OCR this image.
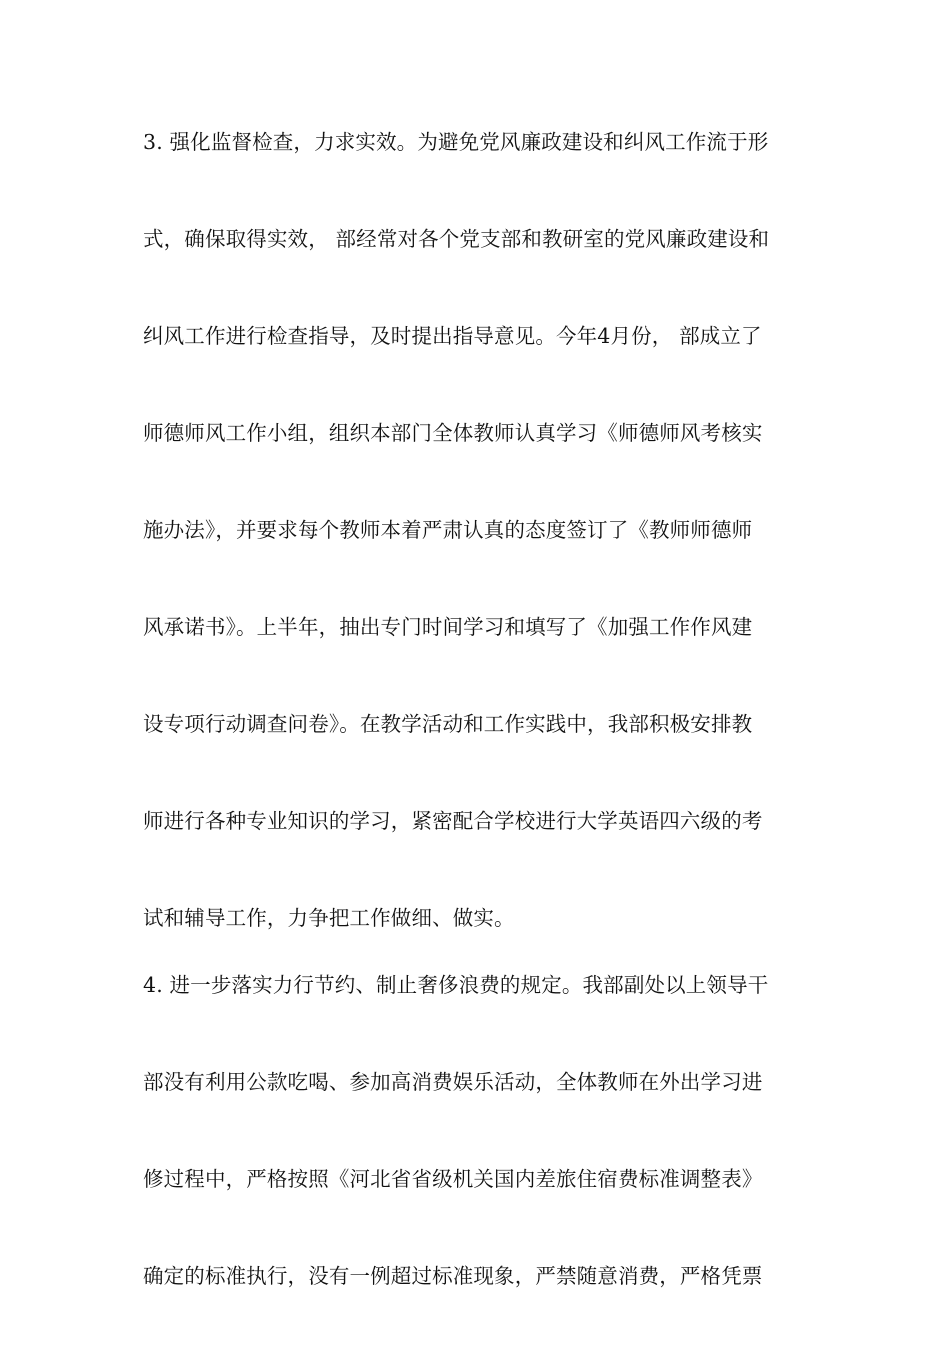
3. 强化监督检查，力求实效。为避免党风廉政建设和纠风工作流于形
式，确保取得实效， 部经常对各个党支部和教研室的党风廉政建设和
纠风工作进行检查指导，及时提出指导意见。今年4月份， 部成立了
师德师风工作小组，组织本部门全体教师认真学习《师德师风考核实
施办法》，并要求每个教师本着严肃认真的态度签订了《教师师德师
风承诺书》。上半年，抽出专门时间学习和填写了《加强工作作风建
设专项行动调查问卷》。在教学活动和工作实践中，我部积极安排教
师进行各种专业知识的学习，紧密配合学校进行大学英语四六级的考
试和辅导工作，力争把工作做细、做实。
4. 进一步落实力行节约、制止奢侈浪费的规定。我部副处以上领导干
部没有利用公款吃喝、参加高消费娱乐活动，全体教师在外出学习进
修过程中，严格按照《河北省省级机关国内差旅住宿费标准调整表》
确定的标准执行，没有一例超过标准现象，严禁随意消费，严格凭票
